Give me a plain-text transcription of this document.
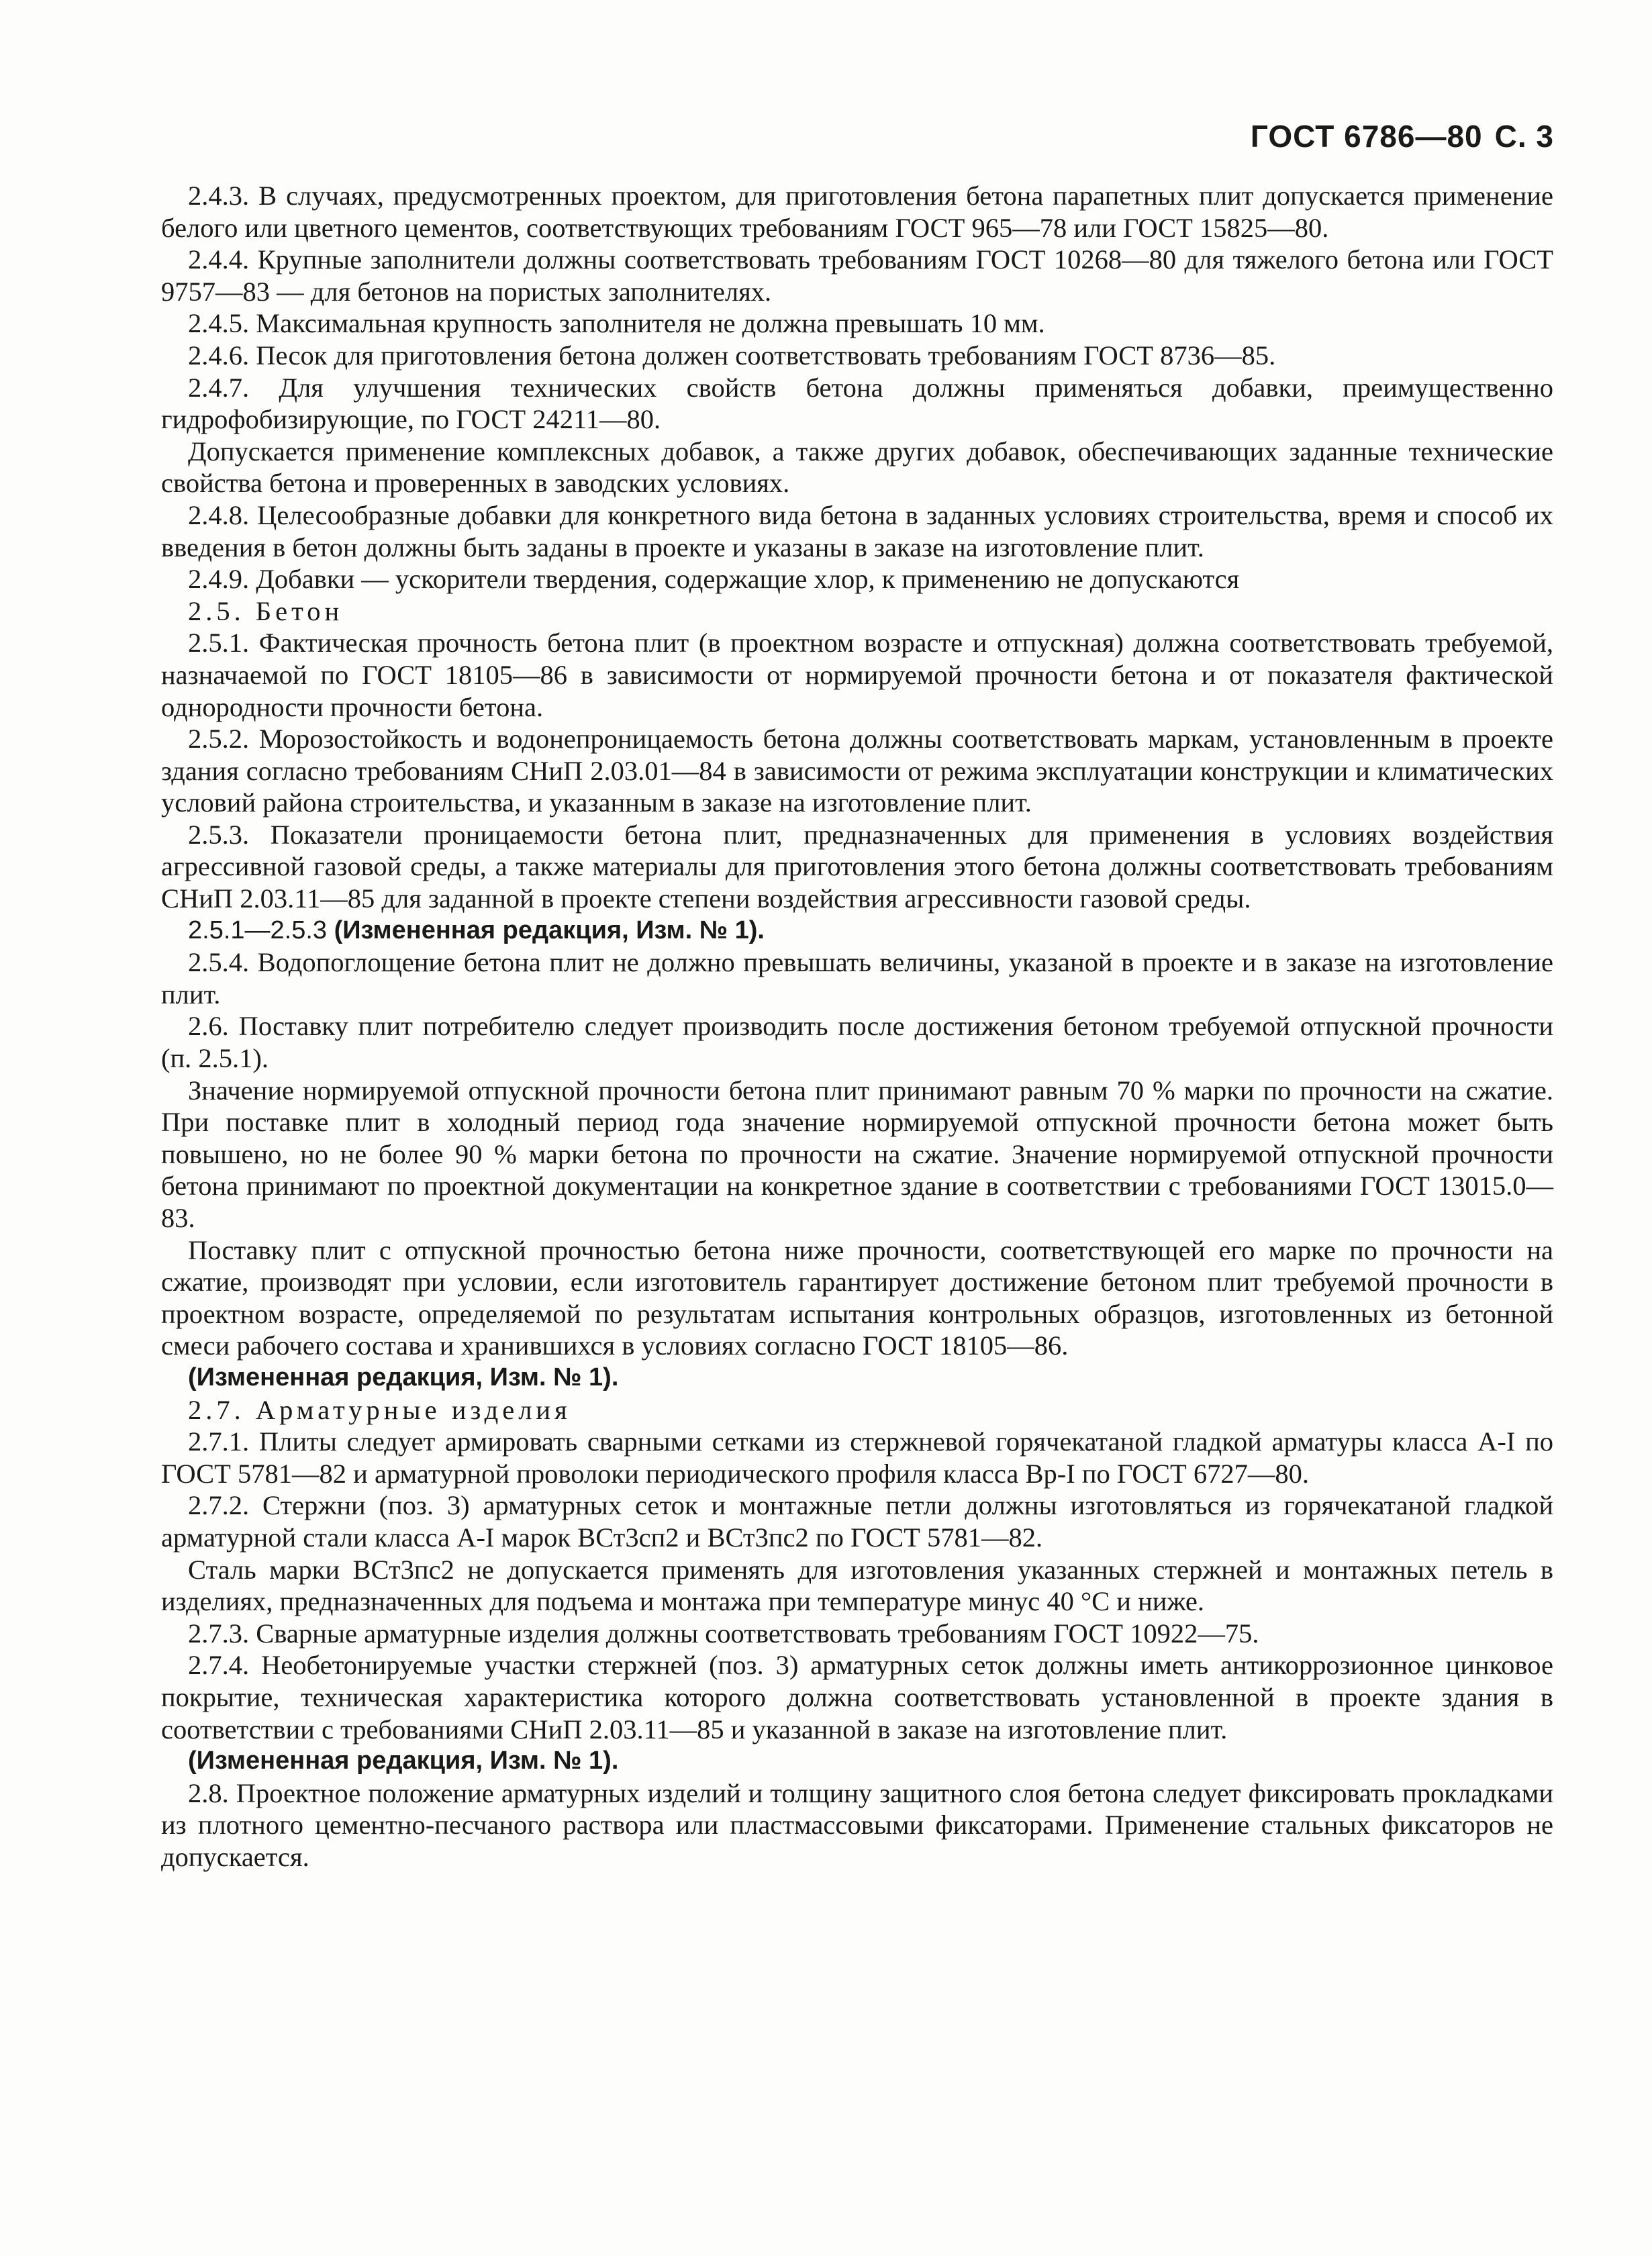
ГОСТ 6786—80 С. 3

2.4.3. В случаях, предусмотренных проектом, для приготовления бетона парапетных плит допускается применение белого или цветного цементов, соответствующих требованиям ГОСТ 965—78 или ГОСТ 15825—80.

2.4.4. Крупные заполнители должны соответствовать требованиям ГОСТ 10268—80 для тяжелого бетона или ГОСТ 9757—83 — для бетонов на пористых заполнителях.

2.4.5. Максимальная крупность заполнителя не должна превышать 10 мм.

2.4.6. Песок для приготовления бетона должен соответствовать требованиям ГОСТ 8736—85.

2.4.7. Для улучшения технических свойств бетона должны применяться добавки, преимущественно гидрофобизирующие, по ГОСТ 24211—80.

Допускается применение комплексных добавок, а также других добавок, обеспечивающих заданные технические свойства бетона и проверенных в заводских условиях.

2.4.8. Целесообразные добавки для конкретного вида бетона в заданных условиях строительства, время и способ их введения в бетон должны быть заданы в проекте и указаны в заказе на изготовление плит.

2.4.9. Добавки — ускорители твердения, содержащие хлор, к применению не допускаются

2.5. Бетон

2.5.1. Фактическая прочность бетона плит (в проектном возрасте и отпускная) должна соответствовать требуемой, назначаемой по ГОСТ 18105—86 в зависимости от нормируемой прочности бетона и от показателя фактической однородности прочности бетона.

2.5.2. Морозостойкость и водонепроницаемость бетона должны соответствовать маркам, установленным в проекте здания согласно требованиям СНиП 2.03.01—84 в зависимости от режима эксплуатации конструкции и климатических условий района строительства, и указанным в заказе на изготовление плит.

2.5.3. Показатели проницаемости бетона плит, предназначенных для применения в условиях воздействия агрессивной газовой среды, а также материалы для приготовления этого бетона должны соответствовать требованиям СНиП 2.03.11—85 для заданной в проекте степени воздействия агрессивности газовой среды.

2.5.1—2.5.3 (Измененная редакция, Изм. № 1).

2.5.4. Водопоглощение бетона плит не должно превышать величины, указаной в проекте и в заказе на изготовление плит.

2.6. Поставку плит потребителю следует производить после достижения бетоном требуемой отпускной прочности (п. 2.5.1).

Значение нормируемой отпускной прочности бетона плит принимают равным 70 % марки по прочности на сжатие. При поставке плит в холодный период года значение нормируемой отпускной прочности бетона может быть повышено, но не более 90 % марки бетона по прочности на сжатие. Значение нормируемой отпускной прочности бетона принимают по проектной документации на конкретное здание в соответствии с требованиями ГОСТ 13015.0—83.

Поставку плит с отпускной прочностью бетона ниже прочности, соответствующей его марке по прочности на сжатие, производят при условии, если изготовитель гарантирует достижение бетоном плит требуемой прочности в проектном возрасте, определяемой по результатам испытания контрольных образцов, изготовленных из бетонной смеси рабочего состава и хранившихся в условиях согласно ГОСТ 18105—86.

(Измененная редакция, Изм. № 1).

2.7. Арматурные изделия

2.7.1. Плиты следует армировать сварными сетками из стержневой горячекатаной гладкой арматуры класса А-I по ГОСТ 5781—82 и арматурной проволоки периодического профиля класса Вр-I по ГОСТ 6727—80.

2.7.2. Стержни (поз. 3) арматурных сеток и монтажные петли должны изготовляться из горячекатаной гладкой арматурной стали класса А-I марок ВСт3сп2 и ВСт3пс2 по ГОСТ 5781—82.

Сталь марки ВСт3пс2 не допускается применять для изготовления указанных стержней и монтажных петель в изделиях, предназначенных для подъема и монтажа при температуре минус 40 °С и ниже.

2.7.3. Сварные арматурные изделия должны соответствовать требованиям ГОСТ 10922—75.

2.7.4. Необетонируемые участки стержней (поз. 3) арматурных сеток должны иметь антикоррозионное цинковое покрытие, техническая характеристика которого должна соответствовать установленной в проекте здания в соответствии с требованиями СНиП 2.03.11—85 и указанной в заказе на изготовление плит.

(Измененная редакция, Изм. № 1).

2.8. Проектное положение арматурных изделий и толщину защитного слоя бетона следует фиксировать прокладками из плотного цементно-песчаного раствора или пластмассовыми фиксаторами. Применение стальных фиксаторов не допускается.
